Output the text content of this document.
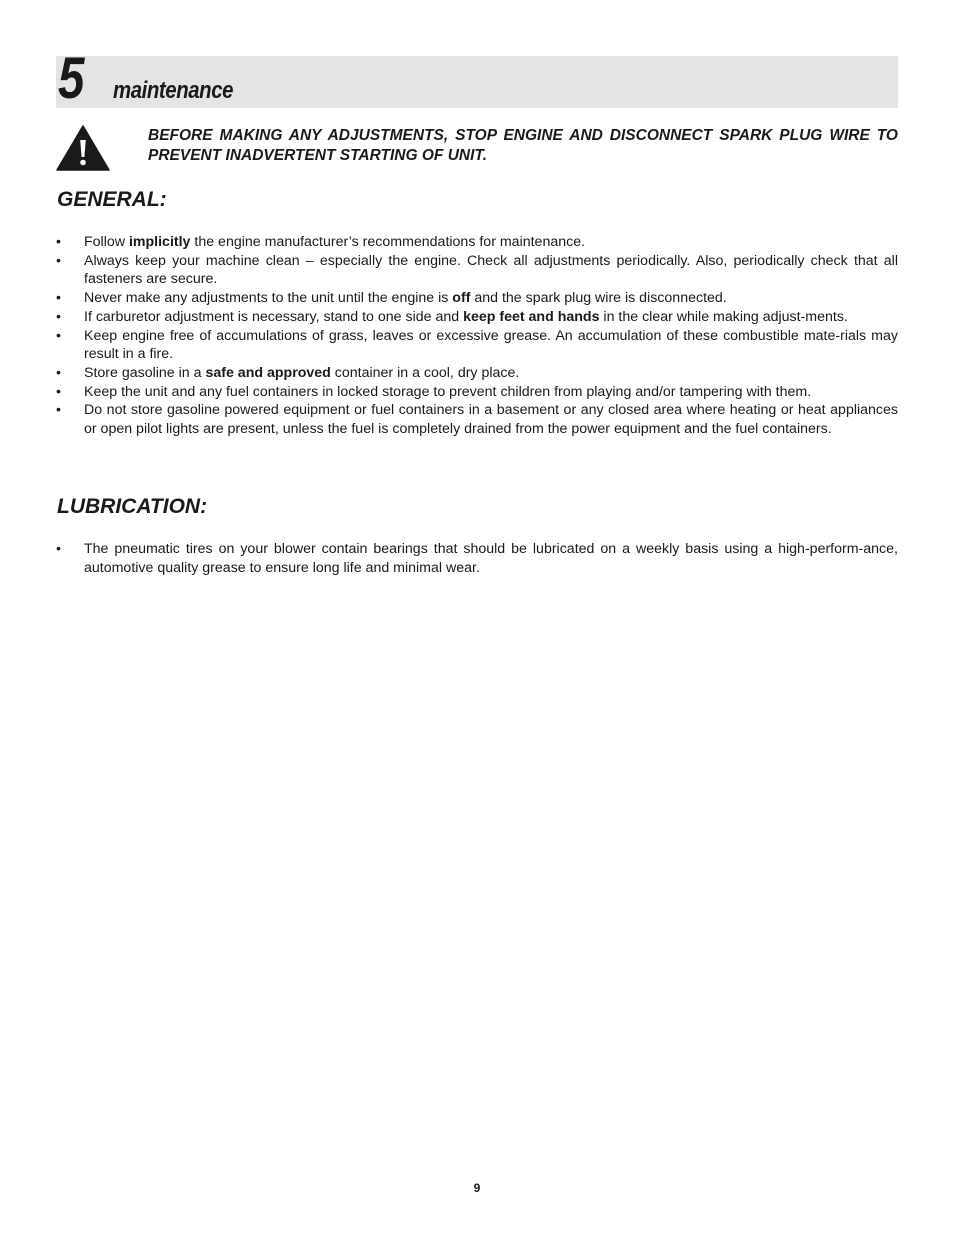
5 maintenance
BEFORE MAKING ANY ADJUSTMENTS, STOP ENGINE AND DISCONNECT SPARK PLUG WIRE TO PREVENT INADVERTENT STARTING OF UNIT.
GENERAL:
• Follow implicitly the engine manufacturer’s recommendations for maintenance.
• Always keep your machine clean – especially the engine. Check all adjustments periodically. Also, periodically check that all fasteners are secure.
• Never make any adjustments to the unit until the engine is off and the spark plug wire is disconnected.
• If carburetor adjustment is necessary, stand to one side and keep feet and hands in the clear while making adjust-ments.
• Keep engine free of accumulations of grass, leaves or excessive grease. An accumulation of these combustible mate-rials may result in a fire.
• Store gasoline in a safe and approved container in a cool, dry place.
• Keep the unit and any fuel containers in locked storage to prevent children from playing and/or tampering with them.
• Do not store gasoline powered equipment or fuel containers in a basement or any closed area where heating or heat appliances or open pilot lights are present, unless the fuel is completely drained from the power equipment and the fuel containers.
LUBRICATION:
• The pneumatic tires on your blower contain bearings that should be lubricated on a weekly basis using a high-perform-ance, automotive quality grease to ensure long life and minimal wear.
9
